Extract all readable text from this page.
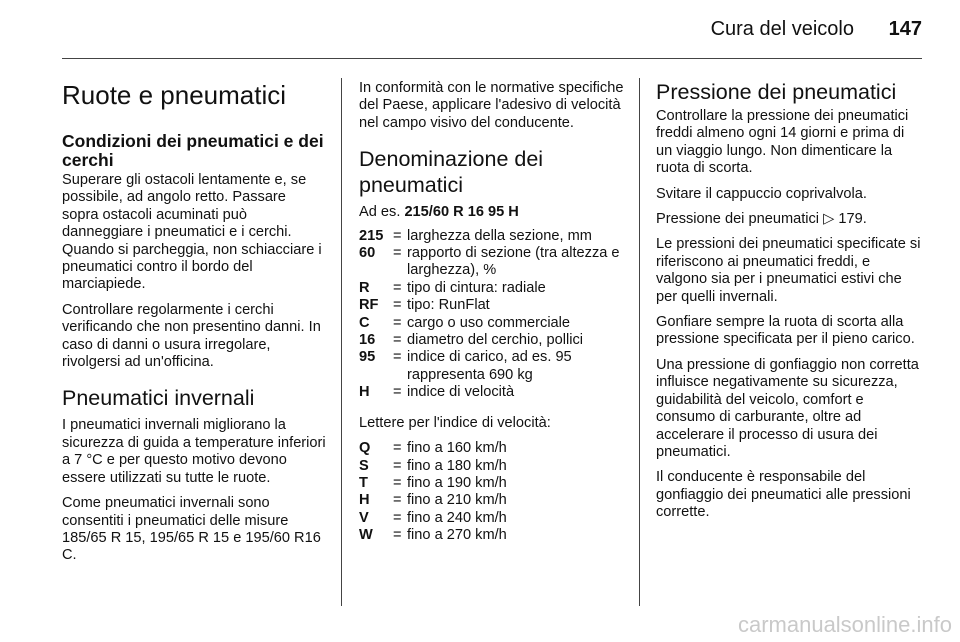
Cura del veicolo 147
Ruote e pneumatici
Condizioni dei pneumatici e dei cerchi

Superare gli ostacoli lentamente e, se possibile, ad angolo retto. Passare sopra ostacoli acuminati può danneggiare i pneumatici e i cerchi. Quando si parcheggia, non schiacciare i pneumatici contro il bordo del marciapiede.

Controllare regolarmente i cerchi verificando che non presentino danni. In caso di danni o usura irregolare, rivolgersi ad un'officina.

Pneumatici invernali

I pneumatici invernali migliorano la sicurezza di guida a temperature inferiori a 7 °C e per questo motivo devono essere utilizzati su tutte le ruote.

Come pneumatici invernali sono consentiti i pneumatici delle misure 185/65 R 15, 195/65 R 15 e 195/60 R16 C.

In conformità con le normative specifiche del Paese, applicare l'adesivo di velocità nel campo visivo del conducente.

Denominazione dei pneumatici
Ad es. 215/60 R 16 95 H
215 = larghezza della sezione, mm
60	= rapporto di sezione (tra altezza e larghezza), %
R	= tipo di cintura: radiale
RF = tipo: RunFlat
C	= cargo o uso commerciale
16	= diametro del cerchio, pollici
95	= indice di carico, ad es. 95 rappresenta 690 kg
H	= indice di velocità

Lettere per l'indice di velocità:

Q	= fino a 160 km/h
S	= fino a 180 km/h
T	= fino a 190 km/h
H	= fino a 210 km/h
V	= fino a 240 km/h
W	= fino a 270 km/h
Pressione dei pneumatici

Controllare la pressione dei pneumatici freddi almeno ogni 14 giorni e prima di un viaggio lungo. Non dimenticare la ruota di scorta.

Svitare il cappuccio coprivalvola.

Pressione dei pneumatici ▷ 179.

Le pressioni dei pneumatici specificate si riferiscono ai pneumatici freddi, e valgono sia per i pneumatici estivi che per quelli invernali.

Gonfiare sempre la ruota di scorta alla pressione specificata per il pieno carico.

Una pressione di gonfiaggio non corretta influisce negativamente su sicurezza, guidabilità del veicolo, comfort e consumo di carburante, oltre ad accelerare il processo di usura dei pneumatici.

Il conducente è responsabile del gonfiaggio dei pneumatici alle pressioni corrette.

carmanualsonline.info
